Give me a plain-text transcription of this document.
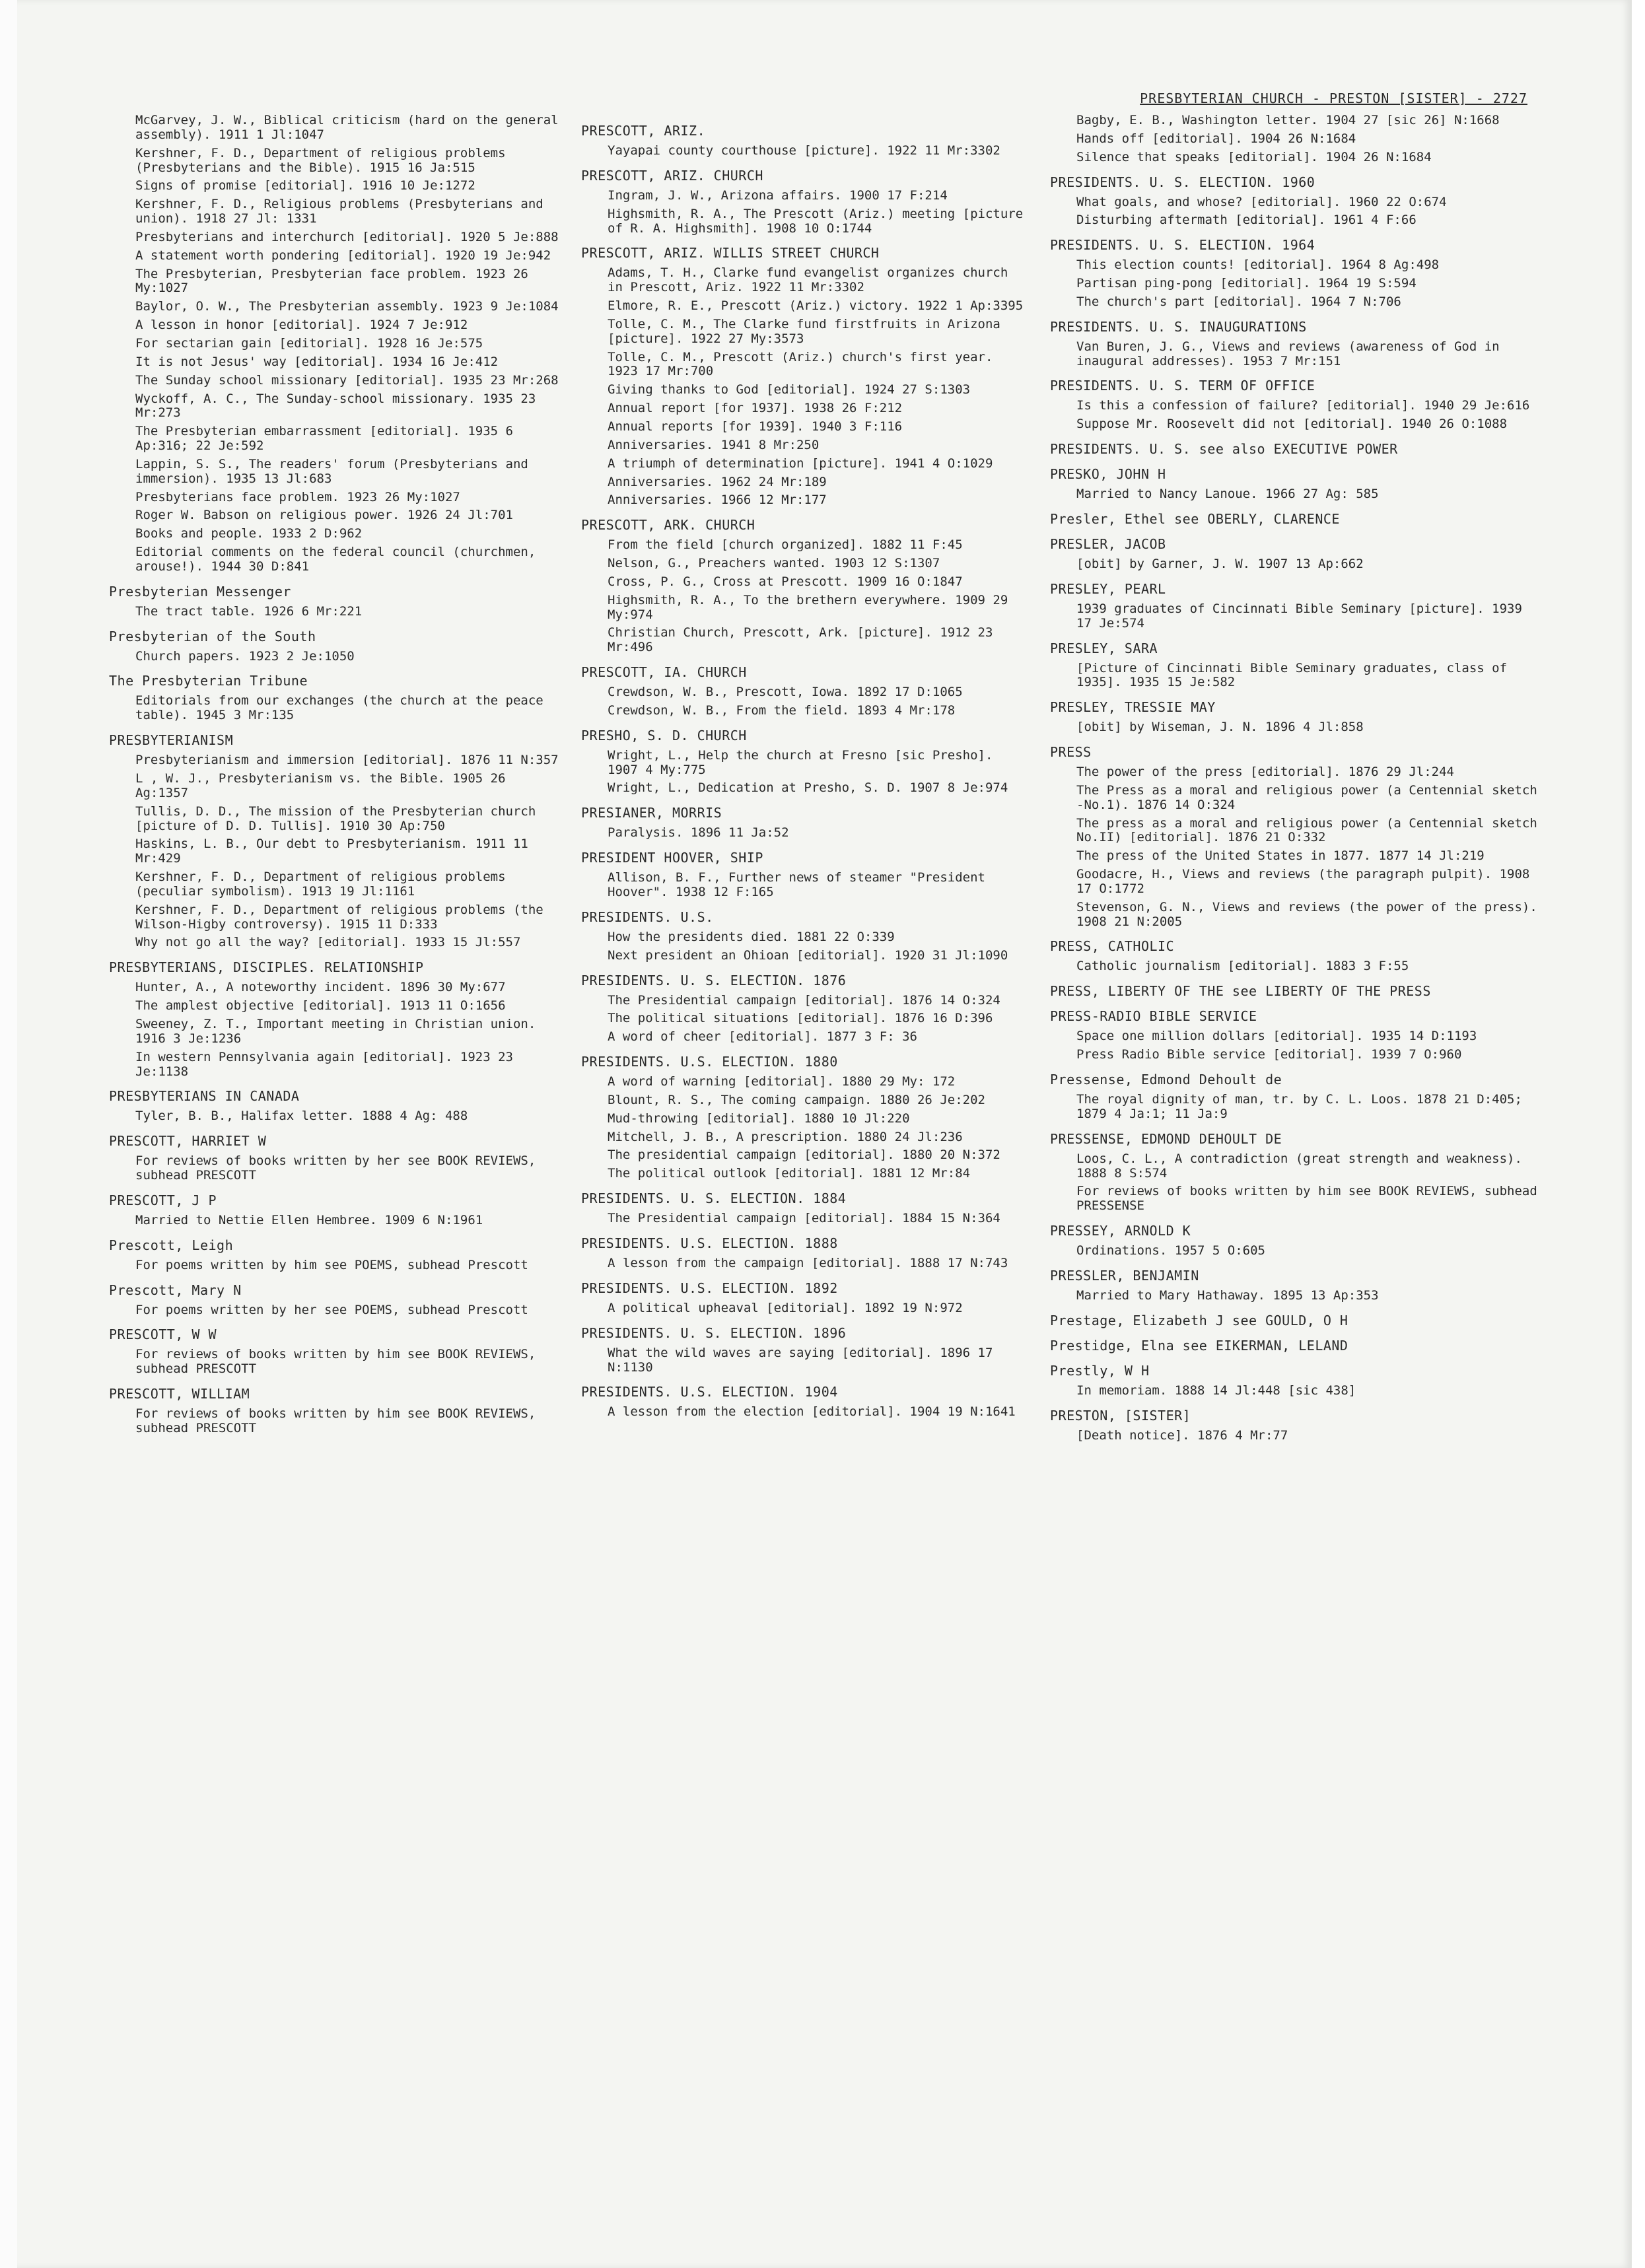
PRESBYTERIAN CHURCH - PRESTON [SISTER] - 2727
McGarvey, J. W., Biblical criticism (hard on the general assembly). 1911 1 Jl:1047
Kershner, F. D., Department of religious problems (Presbyterians and the Bible). 1915 16 Ja:515
Signs of promise [editorial]. 1916 10 Je:1272
Kershner, F. D., Religious problems (Presbyterians and union). 1918 27 Jl: 1331
Presbyterians and interchurch [editorial]. 1920 5 Je:888
A statement worth pondering [editorial]. 1920 19 Je:942
The Presbyterian, Presbyterian face problem. 1923 26 My:1027
Baylor, O. W., The Presbyterian assembly. 1923 9 Je:1084
A lesson in honor [editorial]. 1924 7 Je:912
For sectarian gain [editorial]. 1928 16 Je:575
It is not Jesus' way [editorial]. 1934 16 Je:412
The Sunday school missionary [editorial]. 1935 23 Mr:268
Wyckoff, A. C., The Sunday-school missionary. 1935 23 Mr:273
The Presbyterian embarrassment [editorial]. 1935 6 Ap:316; 22 Je:592
Lappin, S. S., The readers' forum (Presbyterians and immersion). 1935 13 Jl:683
Presbyterians face problem. 1923 26 My:1027
Roger W. Babson on religious power. 1926 24 Jl:701
Books and people. 1933 2 D:962
Editorial comments on the federal council (churchmen, arouse!). 1944 30 D:841
Presbyterian Messenger
The tract table. 1926 6 Mr:221
Presbyterian of the South
Church papers. 1923 2 Je:1050
The Presbyterian Tribune
Editorials from our exchanges (the church at the peace table). 1945 3 Mr:135
PRESBYTERIANISM
Presbyterianism and immersion [editorial]. 1876 11 N:357
L , W. J., Presbyterianism vs. the Bible. 1905 26 Ag:1357
Tullis, D. D., The mission of the Presbyterian church [picture of D. D. Tullis]. 1910 30 Ap:750
Haskins, L. B., Our debt to Presbyterianism. 1911 11 Mr:429
Kershner, F. D., Department of religious problems (peculiar symbolism). 1913 19 Jl:1161
Kershner, F. D., Department of religious problems (the Wilson-Higby controversy). 1915 11 D:333
Why not go all the way? [editorial]. 1933 15 Jl:557
PRESBYTERIANS, DISCIPLES. RELATIONSHIP
Hunter, A., A noteworthy incident. 1896 30 My:677
The amplest objective [editorial]. 1913 11 O:1656
Sweeney, Z. T., Important meeting in Christian union. 1916 3 Je:1236
In western Pennsylvania again [editorial]. 1923 23 Je:1138
PRESBYTERIANS IN CANADA
Tyler, B. B., Halifax letter. 1888 4 Ag: 488
PRESCOTT, HARRIET W
For reviews of books written by her see BOOK REVIEWS, subhead PRESCOTT
PRESCOTT, J P
Married to Nettie Ellen Hembree. 1909 6 N:1961
Prescott, Leigh
For poems written by him see POEMS, subhead Prescott
Prescott, Mary N
For poems written by her see POEMS, subhead Prescott
PRESCOTT, W W
For reviews of books written by him see BOOK REVIEWS, subhead PRESCOTT
PRESCOTT, WILLIAM
For reviews of books written by him see BOOK REVIEWS, subhead PRESCOTT
PRESCOTT, ARIZ.
Yayapai county courthouse [picture]. 1922 11 Mr:3302
PRESCOTT, ARIZ. CHURCH
Ingram, J. W., Arizona affairs. 1900 17 F:214
Highsmith, R. A., The Prescott (Ariz.) meeting [picture of R. A. Highsmith]. 1908 10 O:1744
PRESCOTT, ARIZ. WILLIS STREET CHURCH
Adams, T. H., Clarke fund evangelist organizes church in Prescott, Ariz. 1922 11 Mr:3302
Elmore, R. E., Prescott (Ariz.) victory. 1922 1 Ap:3395
Tolle, C. M., The Clarke fund firstfruits in Arizona [picture]. 1922 27 My:3573
Tolle, C. M., Prescott (Ariz.) church's first year. 1923 17 Mr:700
Giving thanks to God [editorial]. 1924 27 S:1303
Annual report [for 1937]. 1938 26 F:212
Annual reports [for 1939]. 1940 3 F:116
Anniversaries. 1941 8 Mr:250
A triumph of determination [picture]. 1941 4 O:1029
Anniversaries. 1962 24 Mr:189
Anniversaries. 1966 12 Mr:177
PRESCOTT, ARK. CHURCH
From the field [church organized]. 1882 11 F:45
Nelson, G., Preachers wanted. 1903 12 S:1307
Cross, P. G., Cross at Prescott. 1909 16 O:1847
Highsmith, R. A., To the brethern everywhere. 1909 29 My:974
Christian Church, Prescott, Ark. [picture]. 1912 23 Mr:496
PRESCOTT, IA. CHURCH
Crewdson, W. B., Prescott, Iowa. 1892 17 D:1065
Crewdson, W. B., From the field. 1893 4 Mr:178
PRESHO, S. D. CHURCH
Wright, L., Help the church at Fresno [sic Presho]. 1907 4 My:775
Wright, L., Dedication at Presho, S. D. 1907 8 Je:974
PRESIANER, MORRIS
Paralysis. 1896 11 Ja:52
PRESIDENT HOOVER, SHIP
Allison, B. F., Further news of steamer "President Hoover". 1938 12 F:165
PRESIDENTS. U.S.
How the presidents died. 1881 22 O:339
Next president an Ohioan [editorial]. 1920 31 Jl:1090
PRESIDENTS. U. S. ELECTION. 1876
The Presidential campaign [editorial]. 1876 14 O:324
The political situations [editorial]. 1876 16 D:396
A word of cheer [editorial]. 1877 3 F: 36
PRESIDENTS. U.S. ELECTION. 1880
A word of warning [editorial]. 1880 29 My: 172
Blount, R. S., The coming campaign. 1880 26 Je:202
Mud-throwing [editorial]. 1880 10 Jl:220
Mitchell, J. B., A prescription. 1880 24 Jl:236
The presidential campaign [editorial]. 1880 20 N:372
The political outlook [editorial]. 1881 12 Mr:84
PRESIDENTS. U. S. ELECTION. 1884
The Presidential campaign [editorial]. 1884 15 N:364
PRESIDENTS. U.S. ELECTION. 1888
A lesson from the campaign [editorial]. 1888 17 N:743
PRESIDENTS. U.S. ELECTION. 1892
A political upheaval [editorial]. 1892 19 N:972
PRESIDENTS. U. S. ELECTION. 1896
What the wild waves are saying [editorial]. 1896 17 N:1130
PRESIDENTS. U.S. ELECTION. 1904
A lesson from the election [editorial]. 1904 19 N:1641
Bagby, E. B., Washington letter. 1904 27 [sic 26] N:1668
Hands off [editorial]. 1904 26 N:1684
Silence that speaks [editorial]. 1904 26 N:1684
PRESIDENTS. U. S. ELECTION. 1960
What goals, and whose? [editorial]. 1960 22 O:674
Disturbing aftermath [editorial]. 1961 4 F:66
PRESIDENTS. U. S. ELECTION. 1964
This election counts! [editorial]. 1964 8 Ag:498
Partisan ping-pong [editorial]. 1964 19 S:594
The church's part [editorial]. 1964 7 N:706
PRESIDENTS. U. S. INAUGURATIONS
Van Buren, J. G., Views and reviews (awareness of God in inaugural addresses). 1953 7 Mr:151
PRESIDENTS. U. S. TERM OF OFFICE
Is this a confession of failure? [editorial]. 1940 29 Je:616
Suppose Mr. Roosevelt did not [editorial]. 1940 26 O:1088
PRESIDENTS. U. S. see also EXECUTIVE POWER
PRESKO, JOHN H
Married to Nancy Lanoue. 1966 27 Ag: 585
Presler, Ethel see OBERLY, CLARENCE
PRESLER, JACOB
[obit] by Garner, J. W. 1907 13 Ap:662
PRESLEY, PEARL
1939 graduates of Cincinnati Bible Seminary [picture]. 1939 17 Je:574
PRESLEY, SARA
[Picture of Cincinnati Bible Seminary graduates, class of 1935]. 1935 15 Je:582
PRESLEY, TRESSIE MAY
[obit] by Wiseman, J. N. 1896 4 Jl:858
PRESS
The power of the press [editorial]. 1876 29 Jl:244
The Press as a moral and religious power (a Centennial sketch -No.1). 1876 14 O:324
The press as a moral and religious power (a Centennial sketch No.II) [editorial]. 1876 21 O:332
The press of the United States in 1877. 1877 14 Jl:219
Goodacre, H., Views and reviews (the paragraph pulpit). 1908 17 O:1772
Stevenson, G. N., Views and reviews (the power of the press). 1908 21 N:2005
PRESS, CATHOLIC
Catholic journalism [editorial]. 1883 3 F:55
PRESS, LIBERTY OF THE see LIBERTY OF THE PRESS
PRESS-RADIO BIBLE SERVICE
Space one million dollars [editorial]. 1935 14 D:1193
Press Radio Bible service [editorial]. 1939 7 O:960
Pressense, Edmond Dehoult de
The royal dignity of man, tr. by C. L. Loos. 1878 21 D:405; 1879 4 Ja:1; 11 Ja:9
PRESSENSE, EDMOND DEHOULT DE
Loos, C. L., A contradiction (great strength and weakness). 1888 8 S:574
For reviews of books written by him see BOOK REVIEWS, subhead PRESSENSE
PRESSEY, ARNOLD K
Ordinations. 1957 5 O:605
PRESSLER, BENJAMIN
Married to Mary Hathaway. 1895 13 Ap:353
Prestage, Elizabeth J see GOULD, O H
Prestidge, Elna see EIKERMAN, LELAND
Prestly, W H
In memoriam. 1888 14 Jl:448 [sic 438]
PRESTON, [SISTER]
[Death notice]. 1876 4 Mr:77
